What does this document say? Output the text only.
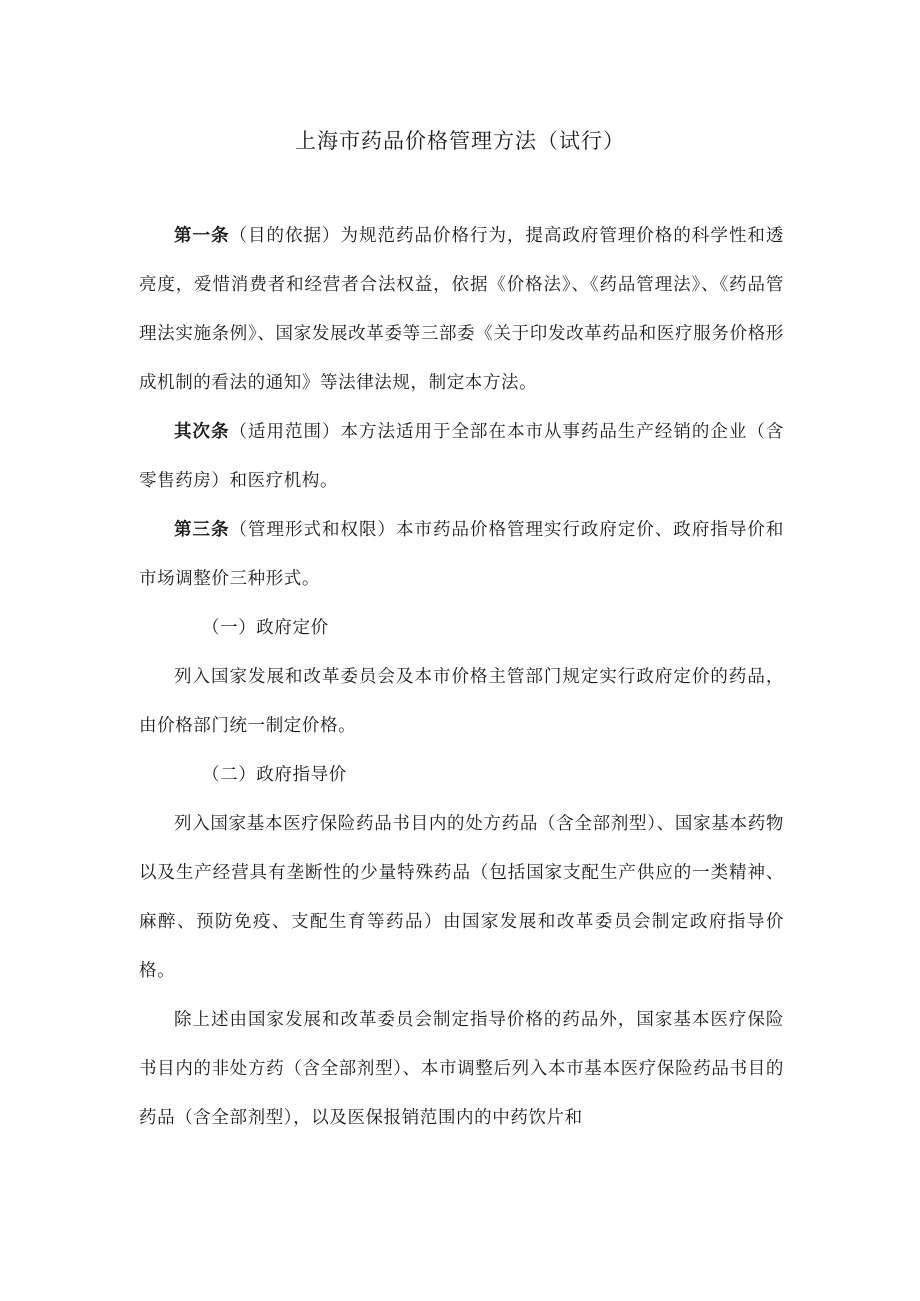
上海市药品价格管理方法（试行）

第一条（目的依据）为规范药品价格行为，提高政府管理价格的科学性和透亮度，爱惜消费者和经营者合法权益，依据《价格法》、《药品管理法》、《药品管理法实施条例》、国家发展改革委等三部委《关于印发改革药品和医疗服务价格形成机制的看法的通知》等法律法规，制定本方法。

其次条（适用范围）本方法适用于全部在本市从事药品生产经销的企业（含零售药房）和医疗机构。

第三条（管理形式和权限）本市药品价格管理实行政府定价、政府指导价和市场调整价三种形式。

（一）政府定价

列入国家发展和改革委员会及本市价格主管部门规定实行政府定价的药品，由价格部门统一制定价格。

（二）政府指导价

列入国家基本医疗保险药品书目内的处方药品（含全部剂型）、国家基本药物以及生产经营具有垄断性的少量特殊药品（包括国家支配生产供应的一类精神、麻醉、预防免疫、支配生育等药品）由国家发展和改革委员会制定政府指导价格。

除上述由国家发展和改革委员会制定指导价格的药品外，国家基本医疗保险书目内的非处方药（含全部剂型）、本市调整后列入本市基本医疗保险药品书目的药品（含全部剂型），以及医保报销范围内的中药饮片和
